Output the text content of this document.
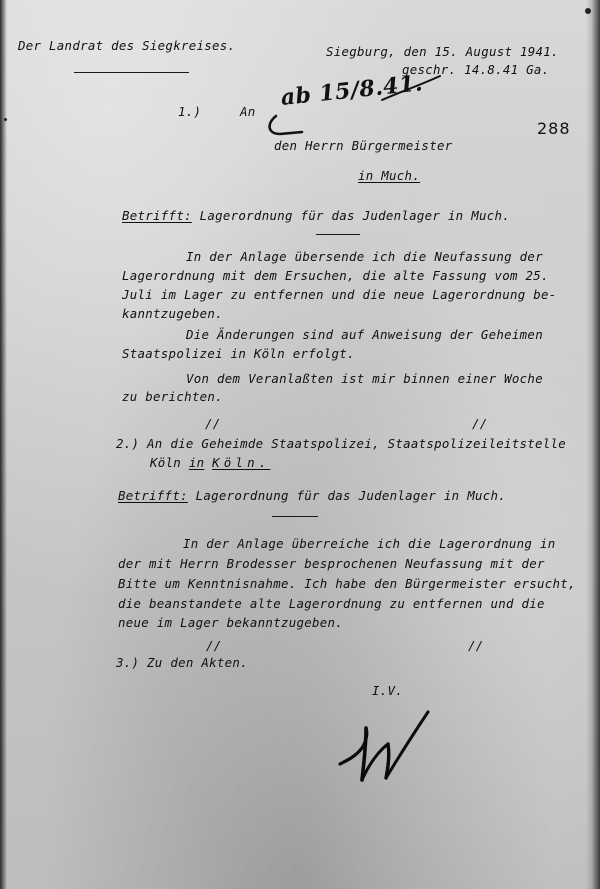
Der Landrat des Siegkreises.	Siegburg, den 15. August 1941.
geschr. 14.8.41 Ga.
1.)	An
ab 15/8.41.
288
den Herrn Bürgermeister
in Much.
Betrifft: Lagerordnung für das Judenlager in Much.
In der Anlage übersende ich die Neufassung der
Lagerordnung mit dem Ersuchen, die alte Fassung vom 25.
Juli im Lager zu entfernen und die neue Lagerordnung be-
kanntzugeben.
Die Änderungen sind auf Anweisung der Geheimen
Staatspolizei in Köln erfolgt.
Von dem Veranlaßten ist mir binnen einer Woche
zu berichten.
//	//
2.) An die Geheimde Staatspolizei, Staatspolizeileitstelle
Köln in Köln.
Betrifft: Lagerordnung für das Judenlager in Much.
In der Anlage überreiche ich die Lagerordnung in
der mit Herrn Brodesser besprochenen Neufassung mit der
Bitte um Kenntnisnahme. Ich habe den Bürgermeister ersucht,
die beanstandete alte Lagerordnung zu entfernen und die
neue im Lager bekanntzugeben.
//	//
3.) Zu den Akten.
I.V.
